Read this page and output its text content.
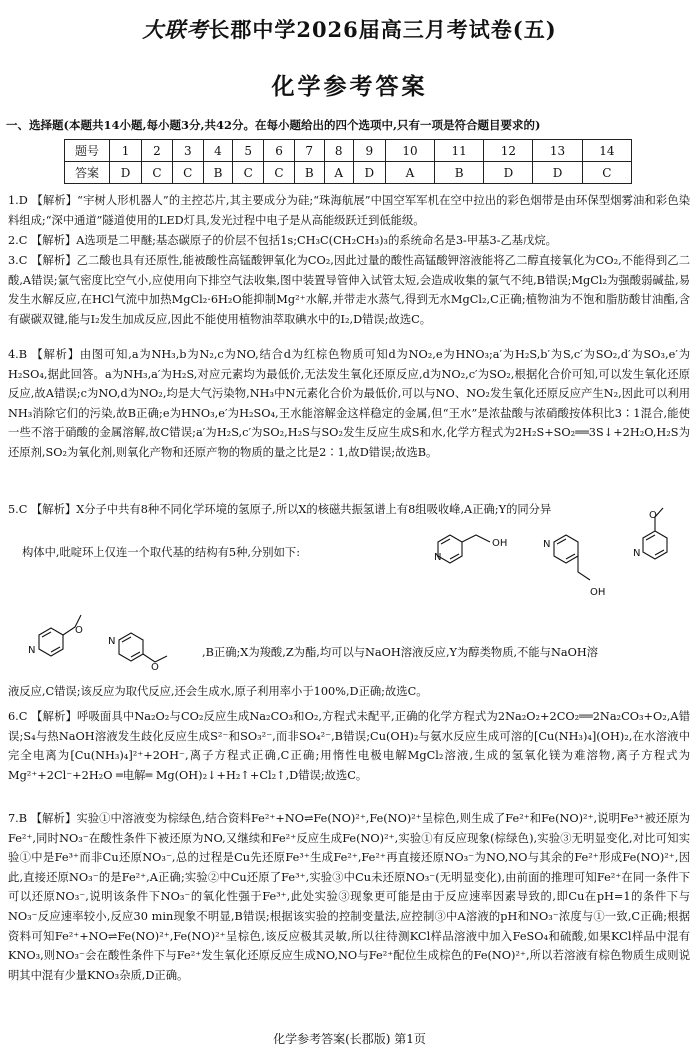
大联考长郡中学2026届高三月考试卷(五)
化学参考答案
一、选择题(本题共14小题,每小题3分,共42分。在每小题给出的四个选项中,只有一项是符合题目要求的)
题号	1	2	3	4	5	6	7	8	9	10	11	12	13	14
答案	D	C	C	B	C	C	B	A	D	A	B	D	D	C
1.D 【解析】“宇树人形机器人”的主控芯片,其主要成分为硅;“珠海航展”中国空军军机在空中拉出的彩色烟带是由环保型烟雾油和彩色染料组成;“深中通道”隧道使用的LED灯具,发光过程中电子是从高能级跃迁到低能级。
2.C 【解析】A选项是二甲醚;基态碳原子的价层不包括1s;CH₃C(CH₂CH₃)₃的系统命名是3-甲基3-乙基戊烷。
3.C 【解析】乙二酸也具有还原性,能被酸性高锰酸钾氧化为CO₂,因此过量的酸性高锰酸钾溶液能将乙二醇直接氧化为CO₂,不能得到乙二酸,A错误;氯气密度比空气小,应使用向下排空气法收集,图中装置导管伸入试管太短,会造成收集的氯气不纯,B错误;MgCl₂为强酸弱碱盐,易发生水解反应,在HCl气流中加热MgCl₂·6H₂O能抑制Mg²⁺水解,并带走水蒸气,得到无水MgCl₂,C正确;植物油为不饱和脂肪酸甘油酯,含有碳碳双键,能与I₂发生加成反应,因此不能使用植物油萃取碘水中的I₂,D错误;故选C。
4.B 【解析】由图可知,a为NH₃,b为N₂,c为NO,结合d为红棕色物质可知d为NO₂,e为HNO₃;a′为H₂S,b′为S,c′为SO₂,d′为SO₃,e′为H₂SO₄,据此回答。a为NH₃,a′为H₂S,对应元素均为最低价,无法发生氧化还原反应,d为NO₂,c′为SO₂,根据化合价可知,可以发生氧化还原反应,故A错误;c为NO,d为NO₂,均是大气污染物,NH₃中N元素化合价为最低价,可以与NO、NO₂发生氧化还原反应产生N₂,因此可以利用NH₃消除它们的污染,故B正确;e为HNO₃,e′为H₂SO₄,王水能溶解金这样稳定的金属,但“王水”是浓盐酸与浓硝酸按体积比3∶1混合,能使一些不溶于硝酸的金属溶解,故C错误;a′为H₂S,c′为SO₂,H₂S与SO₂发生反应生成S和水,化学方程式为2H₂S+SO₂══3S↓+2H₂O,H₂S为还原剂,SO₂为氧化剂,则氧化产物和还原产物的物质的量之比是2∶1,故D错误;故选B。
5.C 【解析】X分子中共有8种不同化学环境的氢原子,所以X的核磁共振氢谱上有8组吸收峰,A正确;Y的同分异
构体中,吡啶环上仅连一个取代基的结构有5种,分别如下:	N
OH	N
OH
O
N
O
N
O
N
,B正确;X为羧酸,Z为酯,均可以与NaOH溶液反应,Y为醇类物质,不能与NaOH溶
液反应,C错误;该反应为取代反应,还会生成水,原子利用率小于100%,D正确;故选C。
6.C 【解析】呼吸面具中Na₂O₂与CO₂反应生成Na₂CO₃和O₂,方程式未配平,正确的化学方程式为2Na₂O₂+2CO₂══2Na₂CO₃+O₂,A错误;S₄与热NaOH溶液发生歧化反应生成S²⁻和SO₃²⁻,而非SO₄²⁻,B错误;Cu(OH)₂与氨水反应生成可溶的[Cu(NH₃)₄](OH)₂,在水溶液中完全电离为[Cu(NH₃)₄]²⁺+2OH⁻,离子方程式正确,C正确;用惰性电极电解MgCl₂溶液,生成的氢氧化镁为难溶物,离子方程式为Mg²⁺+2Cl⁻+2H₂O ═电解═ Mg(OH)₂↓+H₂↑+Cl₂↑,D错误;故选C。
7.B 【解析】实验①中溶液变为棕绿色,结合资料Fe²⁺+NO⇌Fe(NO)²⁺,Fe(NO)²⁺呈棕色,则生成了Fe²⁺和Fe(NO)²⁺,说明Fe³⁺被还原为Fe²⁺,同时NO₃⁻在酸性条件下被还原为NO,又继续和Fe²⁺反应生成Fe(NO)²⁺,实验①有反应现象(棕绿色),实验③无明显变化,对比可知实验①中是Fe³⁺而非Cu还原NO₃⁻,总的过程是Cu先还原Fe³⁺生成Fe²⁺,Fe²⁺再直接还原NO₃⁻为NO,NO与其余的Fe²⁺形成Fe(NO)²⁺,因此,直接还原NO₃⁻的是Fe²⁺,A正确;实验②中Cu还原了Fe³⁺,实验③中Cu未还原NO₃⁻(无明显变化),由前面的推理可知Fe²⁺在同一条件下可以还原NO₃⁻,说明该条件下NO₃⁻的氧化性强于Fe³⁺,此处实验③现象更可能是由于反应速率因素导致的,即Cu在pH=1的条件下与NO₃⁻反应速率较小,反应30 min现象不明显,B错误;根据该实验的控制变量法,应控制③中A溶液的pH和NO₃⁻浓度与①一致,C正确;根据资料可知Fe²⁺+NO⇌Fe(NO)²⁺,Fe(NO)²⁺呈棕色,该反应极其灵敏,所以往待测KCl样品溶液中加入FeSO₄和硫酸,如果KCl样品中混有KNO₃,则NO₃⁻会在酸性条件下与Fe²⁺发生氧化还原反应生成NO,NO与Fe²⁺配位生成棕色的Fe(NO)²⁺,所以若溶液有棕色物质生成则说明其中混有少量KNO₃杂质,D正确。
化学参考答案(长郡版) 第1页
